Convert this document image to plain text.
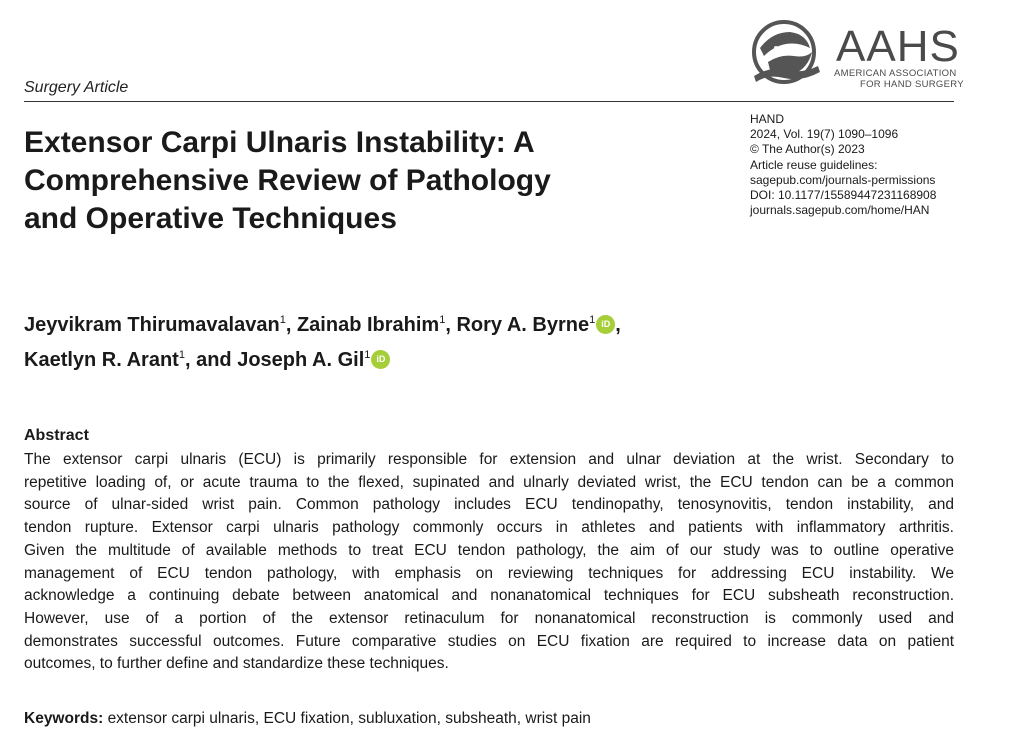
Surgery Article
AAHS
AMERICAN ASSOCIATION
FOR HAND SURGERY
HAND
2024, Vol. 19(7) 1090–1096
© The Author(s) 2023
Article reuse guidelines:
sagepub.com/journals-permissions
DOI: 10.1177/15589447231168908
journals.sagepub.com/home/HAN
Extensor Carpi Ulnaris Instability: A
Comprehensive Review of Pathology
and Operative Techniques
Jeyvikram Thirumavalavan$^1$, Zainab Ibrahim$^1$, Rory A. Byrne$^1$ iD ,
Kaetlyn R. Arant$^1$, and Joseph A. Gil$^1$ iD
Abstract
The extensor carpi ulnaris (ECU) is primarily responsible for extension and ulnar deviation at the wrist. Secondary to
repetitive loading of, or acute trauma to the flexed, supinated and ulnarly deviated wrist, the ECU tendon can be a common
source of ulnar-sided wrist pain. Common pathology includes ECU tendinopathy, tenosynovitis, tendon instability, and
tendon rupture. Extensor carpi ulnaris pathology commonly occurs in athletes and patients with inflammatory arthritis.
Given the multitude of available methods to treat ECU tendon pathology, the aim of our study was to outline operative
management of ECU tendon pathology, with emphasis on reviewing techniques for addressing ECU instability. We
acknowledge a continuing debate between anatomical and nonanatomical techniques for ECU subsheath reconstruction.
However, use of a portion of the extensor retinaculum for nonanatomical reconstruction is commonly used and
demonstrates successful outcomes. Future comparative studies on ECU fixation are required to increase data on patient
outcomes, to further define and standardize these techniques.
Keywords: extensor carpi ulnaris, ECU fixation, subluxation, subsheath, wrist pain
